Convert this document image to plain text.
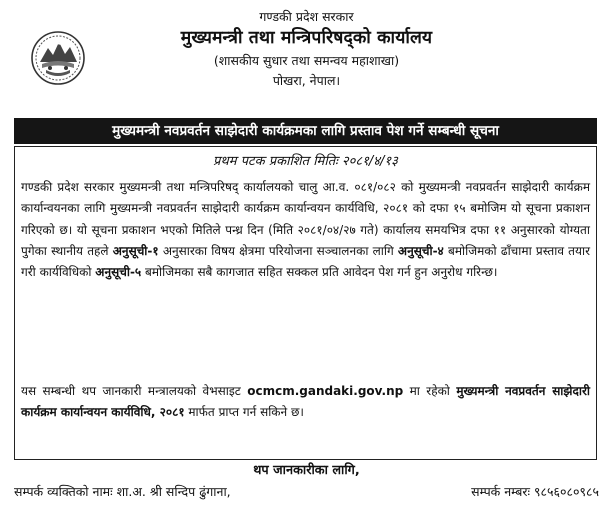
गण्डकी प्रदेश सरकार
मुख्यमन्त्री तथा मन्त्रिपरिषद्को कार्यालय
(शासकीय सुधार तथा समन्वय महाशाखा)
पोखरा, नेपाल।
मुख्यमन्त्री नवप्रवर्तन साझेदारी कार्यक्रमका लागि प्रस्ताव पेश गर्ने सम्बन्धी सूचना
प्रथम पटक प्रकाशित मितिः २०८१/४/१३
गण्डकी प्रदेश सरकार मुख्यमन्त्री तथा मन्त्रिपरिषद् कार्यालयको चालु आ.व. ०८१/०८२ को मुख्यमन्त्री नवप्रवर्तन साझेदारी कार्यक्रम कार्यान्वयनका लागि मुख्यमन्त्री नवप्रवर्तन साझेदारी कार्यक्रम कार्यान्वयन कार्यविधि, २०८१ को दफा १५ बमोजिम यो सूचना प्रकाशन गरिएको छ। यो सूचना प्रकाशन भएको मितिले पन्ध्र दिन (मिति २०८१/०४/२७ गते) कार्यालय समयभित्र दफा ११ अनुसारको योग्यता पुगेका स्थानीय तहले अनुसूची-१ अनुसारका विषय क्षेत्रमा परियोजना सञ्चालनका लागि अनुसूची-४ बमोजिमको ढाँचामा प्रस्ताव तयार गरी कार्यविधिको अनुसूची-५ बमोजिमका सबै कागजात सहित सक्कल प्रति आवेदन पेश गर्न हुन अनुरोध गरिन्छ।
यस सम्बन्धी थप जानकारी मन्त्रालयको वेभसाइट ocmcm.gandaki.gov.np मा रहेको मुख्यमन्त्री नवप्रवर्तन साझेदारी कार्यक्रम कार्यान्वयन कार्यविधि, २०८१ मार्फत प्राप्त गर्न सकिने छ।
थप जानकारीका लागि,
सम्पर्क व्यक्तिको नामः शा.अ. श्री सन्दिप ढुंगाना,	सम्पर्क नम्बरः ९८५६०८०९८५
